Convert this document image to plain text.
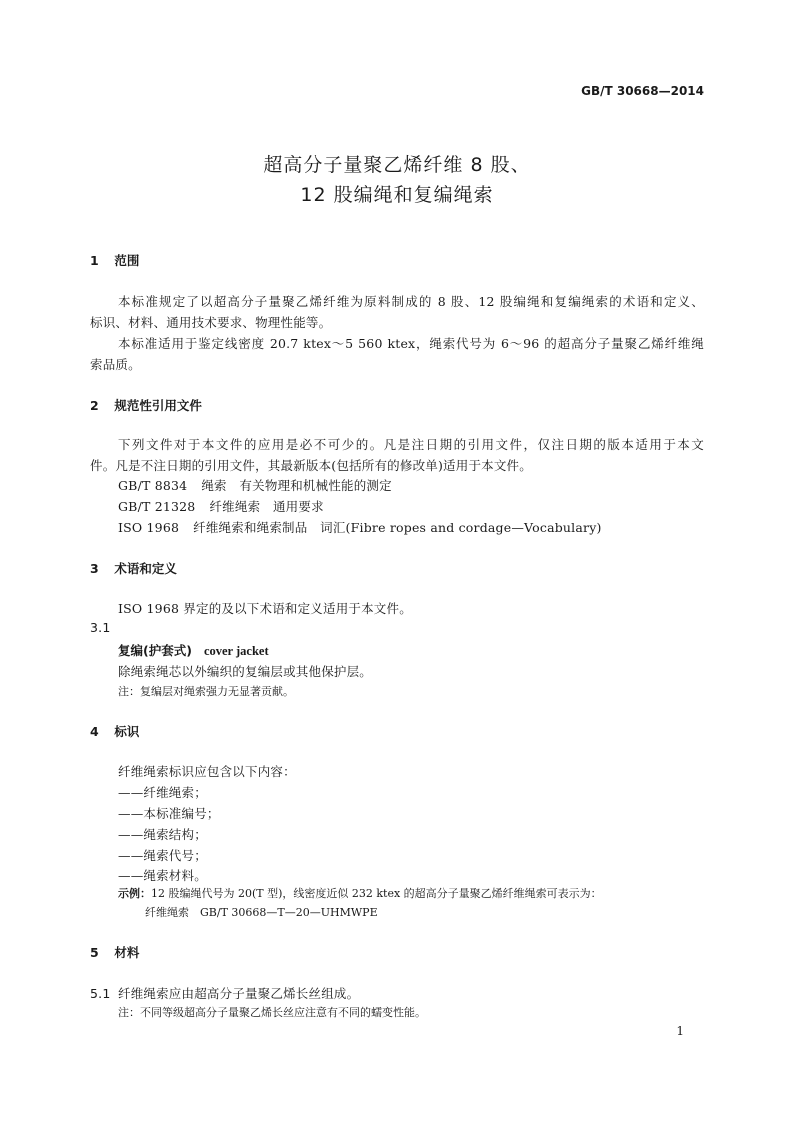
GB/T 30668—2014
超高分子量聚乙烯纤维 8 股、
12 股编绳和复编绳索
1 范围
本标准规定了以超高分子量聚乙烯纤维为原料制成的 8 股、12 股编绳和复编绳索的术语和定义、
标识、材料、通用技术要求、物理性能等。
本标准适用于鉴定线密度 20.7 ktex～5 560 ktex，绳索代号为 6～96 的超高分子量聚乙烯纤维绳
索品质。
2 规范性引用文件
下列文件对于本文件的应用是必不可少的。凡是注日期的引用文件，仅注日期的版本适用于本文
件。凡是不注日期的引用文件，其最新版本(包括所有的修改单)适用于本文件。
GB/T 8834 绳索　有关物理和机械性能的测定
GB/T 21328 纤维绳索　通用要求
ISO 1968 纤维绳索和绳索制品　词汇(Fibre ropes and cordage—Vocabulary)
3 术语和定义
ISO 1968 界定的及以下术语和定义适用于本文件。
3.1
复编(护套式) cover jacket
除绳索绳芯以外编织的复编层或其他保护层。
注：复编层对绳索强力无显著贡献。
4 标识
纤维绳索标识应包含以下内容：
——纤维绳索；
——本标准编号；
——绳索结构；
——绳索代号；
——绳索材料。
示例：12 股编绳代号为 20(T 型)，线密度近似 232 ktex 的超高分子量聚乙烯纤维绳索可表示为：
纤维绳索　GB/T 30668—T—20—UHMWPE
5 材料
5.1 纤维绳索应由超高分子量聚乙烯长丝组成。
注：不同等级超高分子量聚乙烯长丝应注意有不同的蠕变性能。
1
